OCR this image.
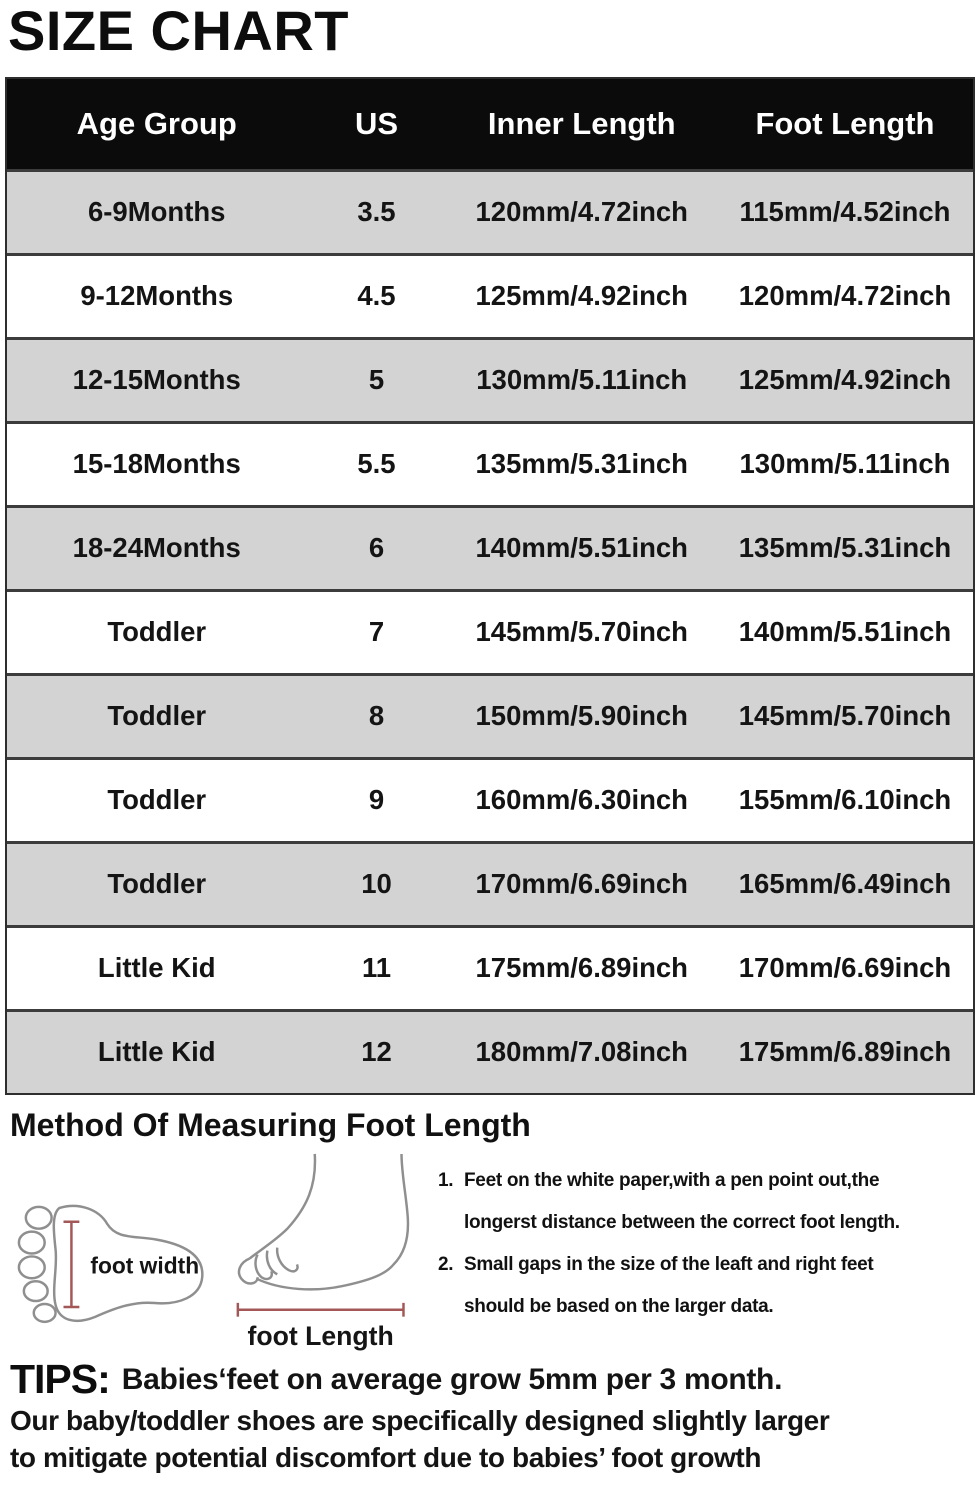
SIZE CHART
Age Group	US	Inner Length	Foot Length
6-9Months	3.5	120mm/4.72inch	115mm/4.52inch
9-12Months	4.5	125mm/4.92inch	120mm/4.72inch
12-15Months	5	130mm/5.11inch	125mm/4.92inch
15-18Months	5.5	135mm/5.31inch	130mm/5.11inch
18-24Months	6	140mm/5.51inch	135mm/5.31inch
Toddler	7	145mm/5.70inch	140mm/5.51inch
Toddler	8	150mm/5.90inch	145mm/5.70inch
Toddler	9	160mm/6.30inch	155mm/6.10inch
Toddler	10	170mm/6.69inch	165mm/6.49inch
Little Kid	11	175mm/6.89inch	170mm/6.69inch
Little Kid	12	180mm/7.08inch	175mm/6.89inch
Method Of Measuring Foot Length
foot width
foot Length
1. Feet on the white paper,with a pen point out,the
longerst distance between the correct foot length.
2. Small gaps in the size of the leaft and right feet
should be based on the larger data.
TIPS: Babies‘feet on average grow 5mm per 3 month.
Our baby/toddler shoes are specifically designed slightly larger
to mitigate potential discomfort due to babies’ foot growth
